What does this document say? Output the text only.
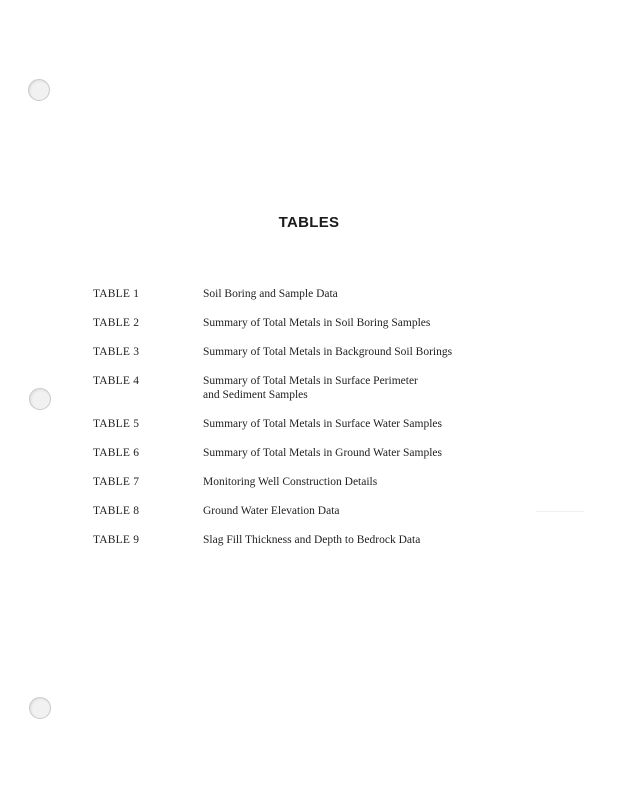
TABLES
TABLE 1	Soil Boring and Sample Data
TABLE 2	Summary of Total Metals in Soil Boring Samples
TABLE 3	Summary of Total Metals in Background Soil Borings
TABLE 4	Summary of Total Metals in Surface Perimeter
and Sediment Samples
TABLE 5	Summary of Total Metals in Surface Water Samples
TABLE 6	Summary of Total Metals in Ground Water Samples
TABLE 7	Monitoring Well Construction Details
TABLE 8	Ground Water Elevation Data
TABLE 9	Slag Fill Thickness and Depth to Bedrock Data
